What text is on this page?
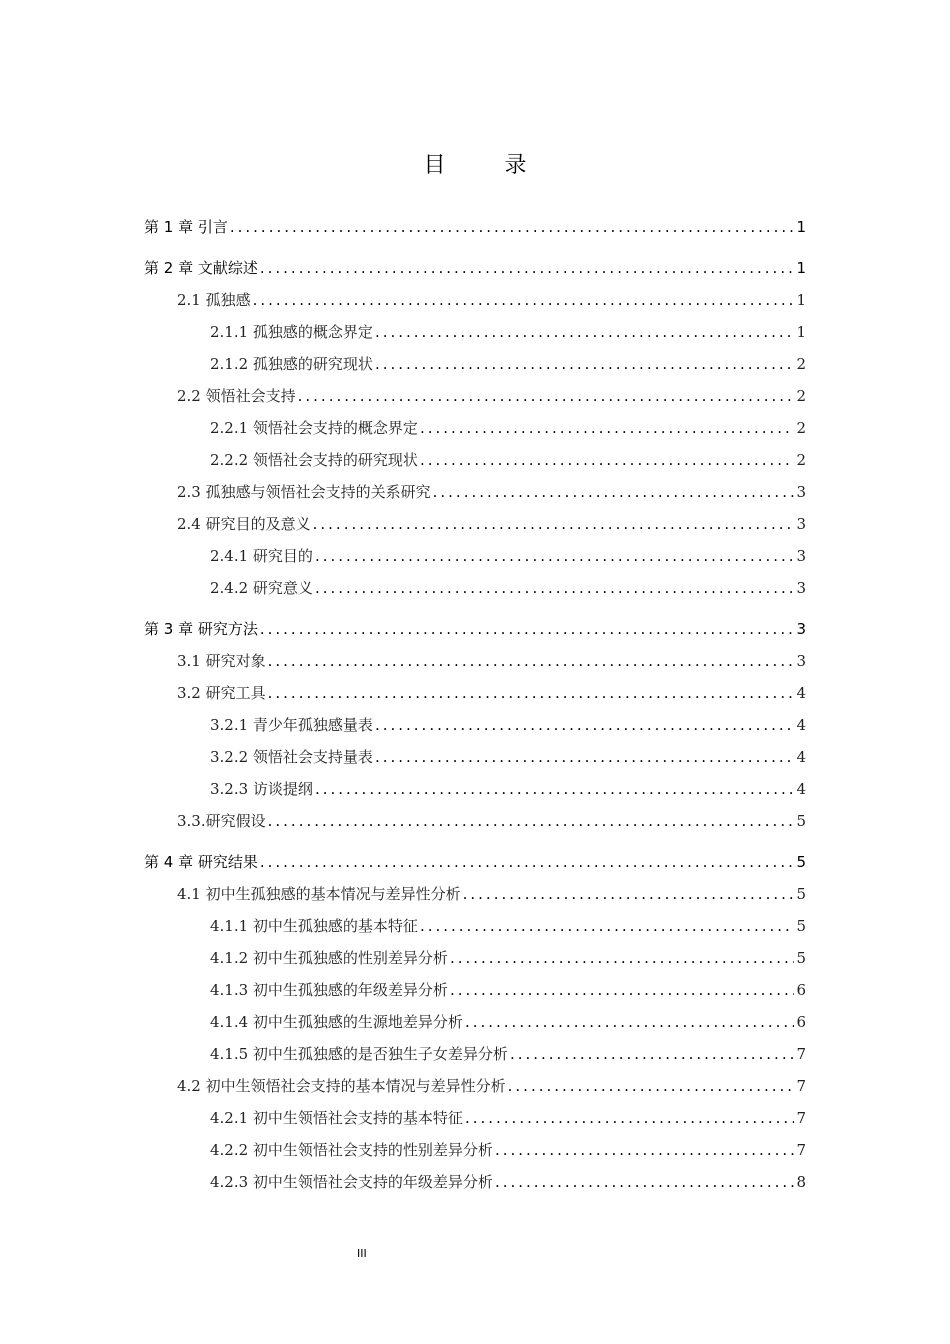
目 录
第 1 章 引言 .....	1
第 2 章 文献综述 .....	1
2.1 孤独感 .....	1
2.1.1 孤独感的概念界定 .....	1
2.1.2 孤独感的研究现状 .....	2
2.2 领悟社会支持 .....	2
2.2.1 领悟社会支持的概念界定 .....	2
2.2.2 领悟社会支持的研究现状 .....	2
2.3 孤独感与领悟社会支持的关系研究 .....	3
2.4 研究目的及意义 .....	3
2.4.1 研究目的 .....	3
2.4.2 研究意义 .....	3
第 3 章 研究方法 .....	3
3.1 研究对象 .....	3
3.2 研究工具 .....	4
3.2.1 青少年孤独感量表 .....	4
3.2.2 领悟社会支持量表 .....	4
3.2.3 访谈提纲 .....	4
3.3.研究假设 .....	5
第 4 章 研究结果 .....	5
4.1 初中生孤独感的基本情况与差异性分析 .....	5
4.1.1 初中生孤独感的基本特征 .....	5
4.1.2 初中生孤独感的性别差异分析 .....	5
4.1.3 初中生孤独感的年级差异分析 .....	6
4.1.4 初中生孤独感的生源地差异分析 .....	6
4.1.5 初中生孤独感的是否独生子女差异分析 .....	7
4.2 初中生领悟社会支持的基本情况与差异性分析 .....	7
4.2.1 初中生领悟社会支持的基本特征 .....	7
4.2.2 初中生领悟社会支持的性别差异分析 .....	7
4.2.3 初中生领悟社会支持的年级差异分析 .....	8
III
